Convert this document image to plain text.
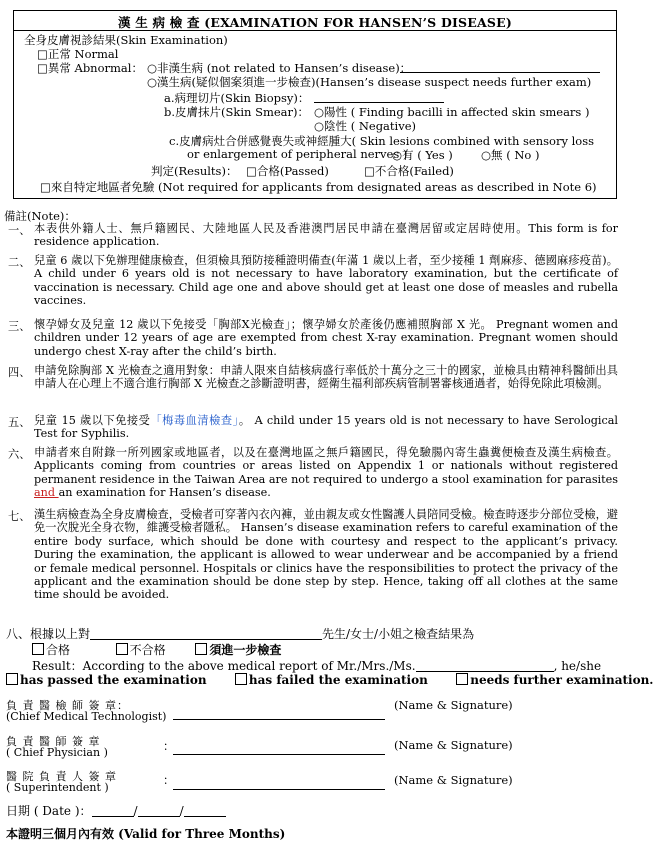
漢 生 病 檢 查 (EXAMINATION FOR HANSEN’S DISEASE)
全身皮膚視診結果(Skin Examination)
□正常 Normal
□異常 Abnormal： ○非漢生病 (not related to Hansen’s disease)：
○漢生病(疑似個案須進一步檢查)(Hansen’s disease suspect needs further exam)
a.病理切片(Skin Biopsy)：
b.皮膚抹片(Skin Smear)： ○陽性 ( Finding bacilli in affected skin smears )
○陰性 ( Negative)
c.皮膚病灶合併感覺喪失或神經腫大( Skin lesions combined with sensory loss
or enlargement of peripheral nerves )
○有 ( Yes ) ○無 ( No )
判定(Results)： □合格(Passed)	□不合格(Failed)
□來自特定地區者免驗 (Not required for applicants from designated areas as described in Note 6)
備註(Note)：
一、 本表供外籍人士、無戶籍國民、大陸地區人民及香港澳門居民申請在臺灣居留或定居時使用。This form is for residence application.
二、 兒童 6 歲以下免辦理健康檢查，但須檢具預防接種證明備查(年滿 1 歲以上者，至少接種 1 劑麻疹、德國麻疹疫苗)。 A child under 6 years old is not necessary to have laboratory examination, but the certificate of vaccination is necessary. Child age one and above should get at least one dose of measles and rubella vaccines.
三、 懷孕婦女及兒童 12 歲以下免接受「胸部X光檢查」；懷孕婦女於產後仍應補照胸部 X 光。 Pregnant women and children under 12 years of age are exempted from chest X-ray examination. Pregnant women should undergo chest X-ray after the child’s birth.
四、 申請免除胸部 X 光檢查之適用對象：申請人限來自結核病盛行率低於十萬分之三十的國家，並檢具由精神科醫師出具申請人在心理上不適合進行胸部 X 光檢查之診斷證明書，經衛生福利部疾病管制署審核通過者，始得免除此項檢測。
五、 兒童 15 歲以下免接受「梅毒血清檢查」。 A child under 15 years old is not necessary to have Serological Test for Syphilis.
六、 申請者來自附錄一所列國家或地區者，以及在臺灣地區之無戶籍國民，得免驗腸內寄生蟲糞便檢查及漢生病檢查。Applicants coming from countries or areas listed on Appendix 1 or nationals without registered permanent residence in the Taiwan Area are not required to undergo a stool examination for parasites and an examination for Hansen’s disease.
七、 漢生病檢查為全身皮膚檢查，受檢者可穿著內衣內褲，並由親友或女性醫護人員陪同受檢。檢查時逐步分部位受檢，避免一次脫光全身衣物，維護受檢者隱私。 Hansen’s disease examination refers to careful examination of the entire body surface, which should be done with courtesy and respect to the applicant’s privacy. During the examination, the applicant is allowed to wear underwear and be accompanied by a friend or female medical personnel. Hospitals or clinics have the responsibilities to protect the privacy of the applicant and the examination should be done step by step. Hence, taking off all clothes at the same time should be avoided.
八、根據以上對	先生/女士/小姐之檢查結果為
合格	不合格	須進一步檢查
Result：According to the above medical report of Mr./Mrs./Ms.	, he/she
has passed the examination	has failed the examination	needs further examination.
負 責 醫 檢 師 簽 章：
(Chief Medical Technologist)
(Name & Signature)
負 責 醫 師 簽 章
( Chief Physician )	：	(Name & Signature)
醫 院 負 責 人 簽 章
( Superintendent )
：	(Name & Signature)
日期 ( Date )：	/	/
本證明三個月內有效 (Valid for Three Months)
